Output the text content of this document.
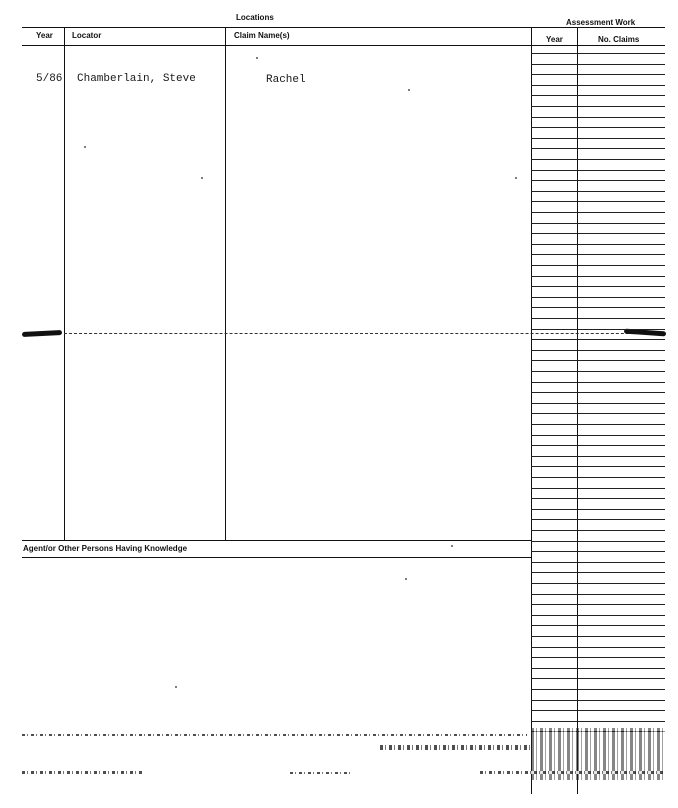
Locations
Assessment Work
Year Locator	Claim Name(s)	Year	No. Claims
5/86 Chamberlain, Steve	Rachel
Agent/or Other Persons Having Knowledge
